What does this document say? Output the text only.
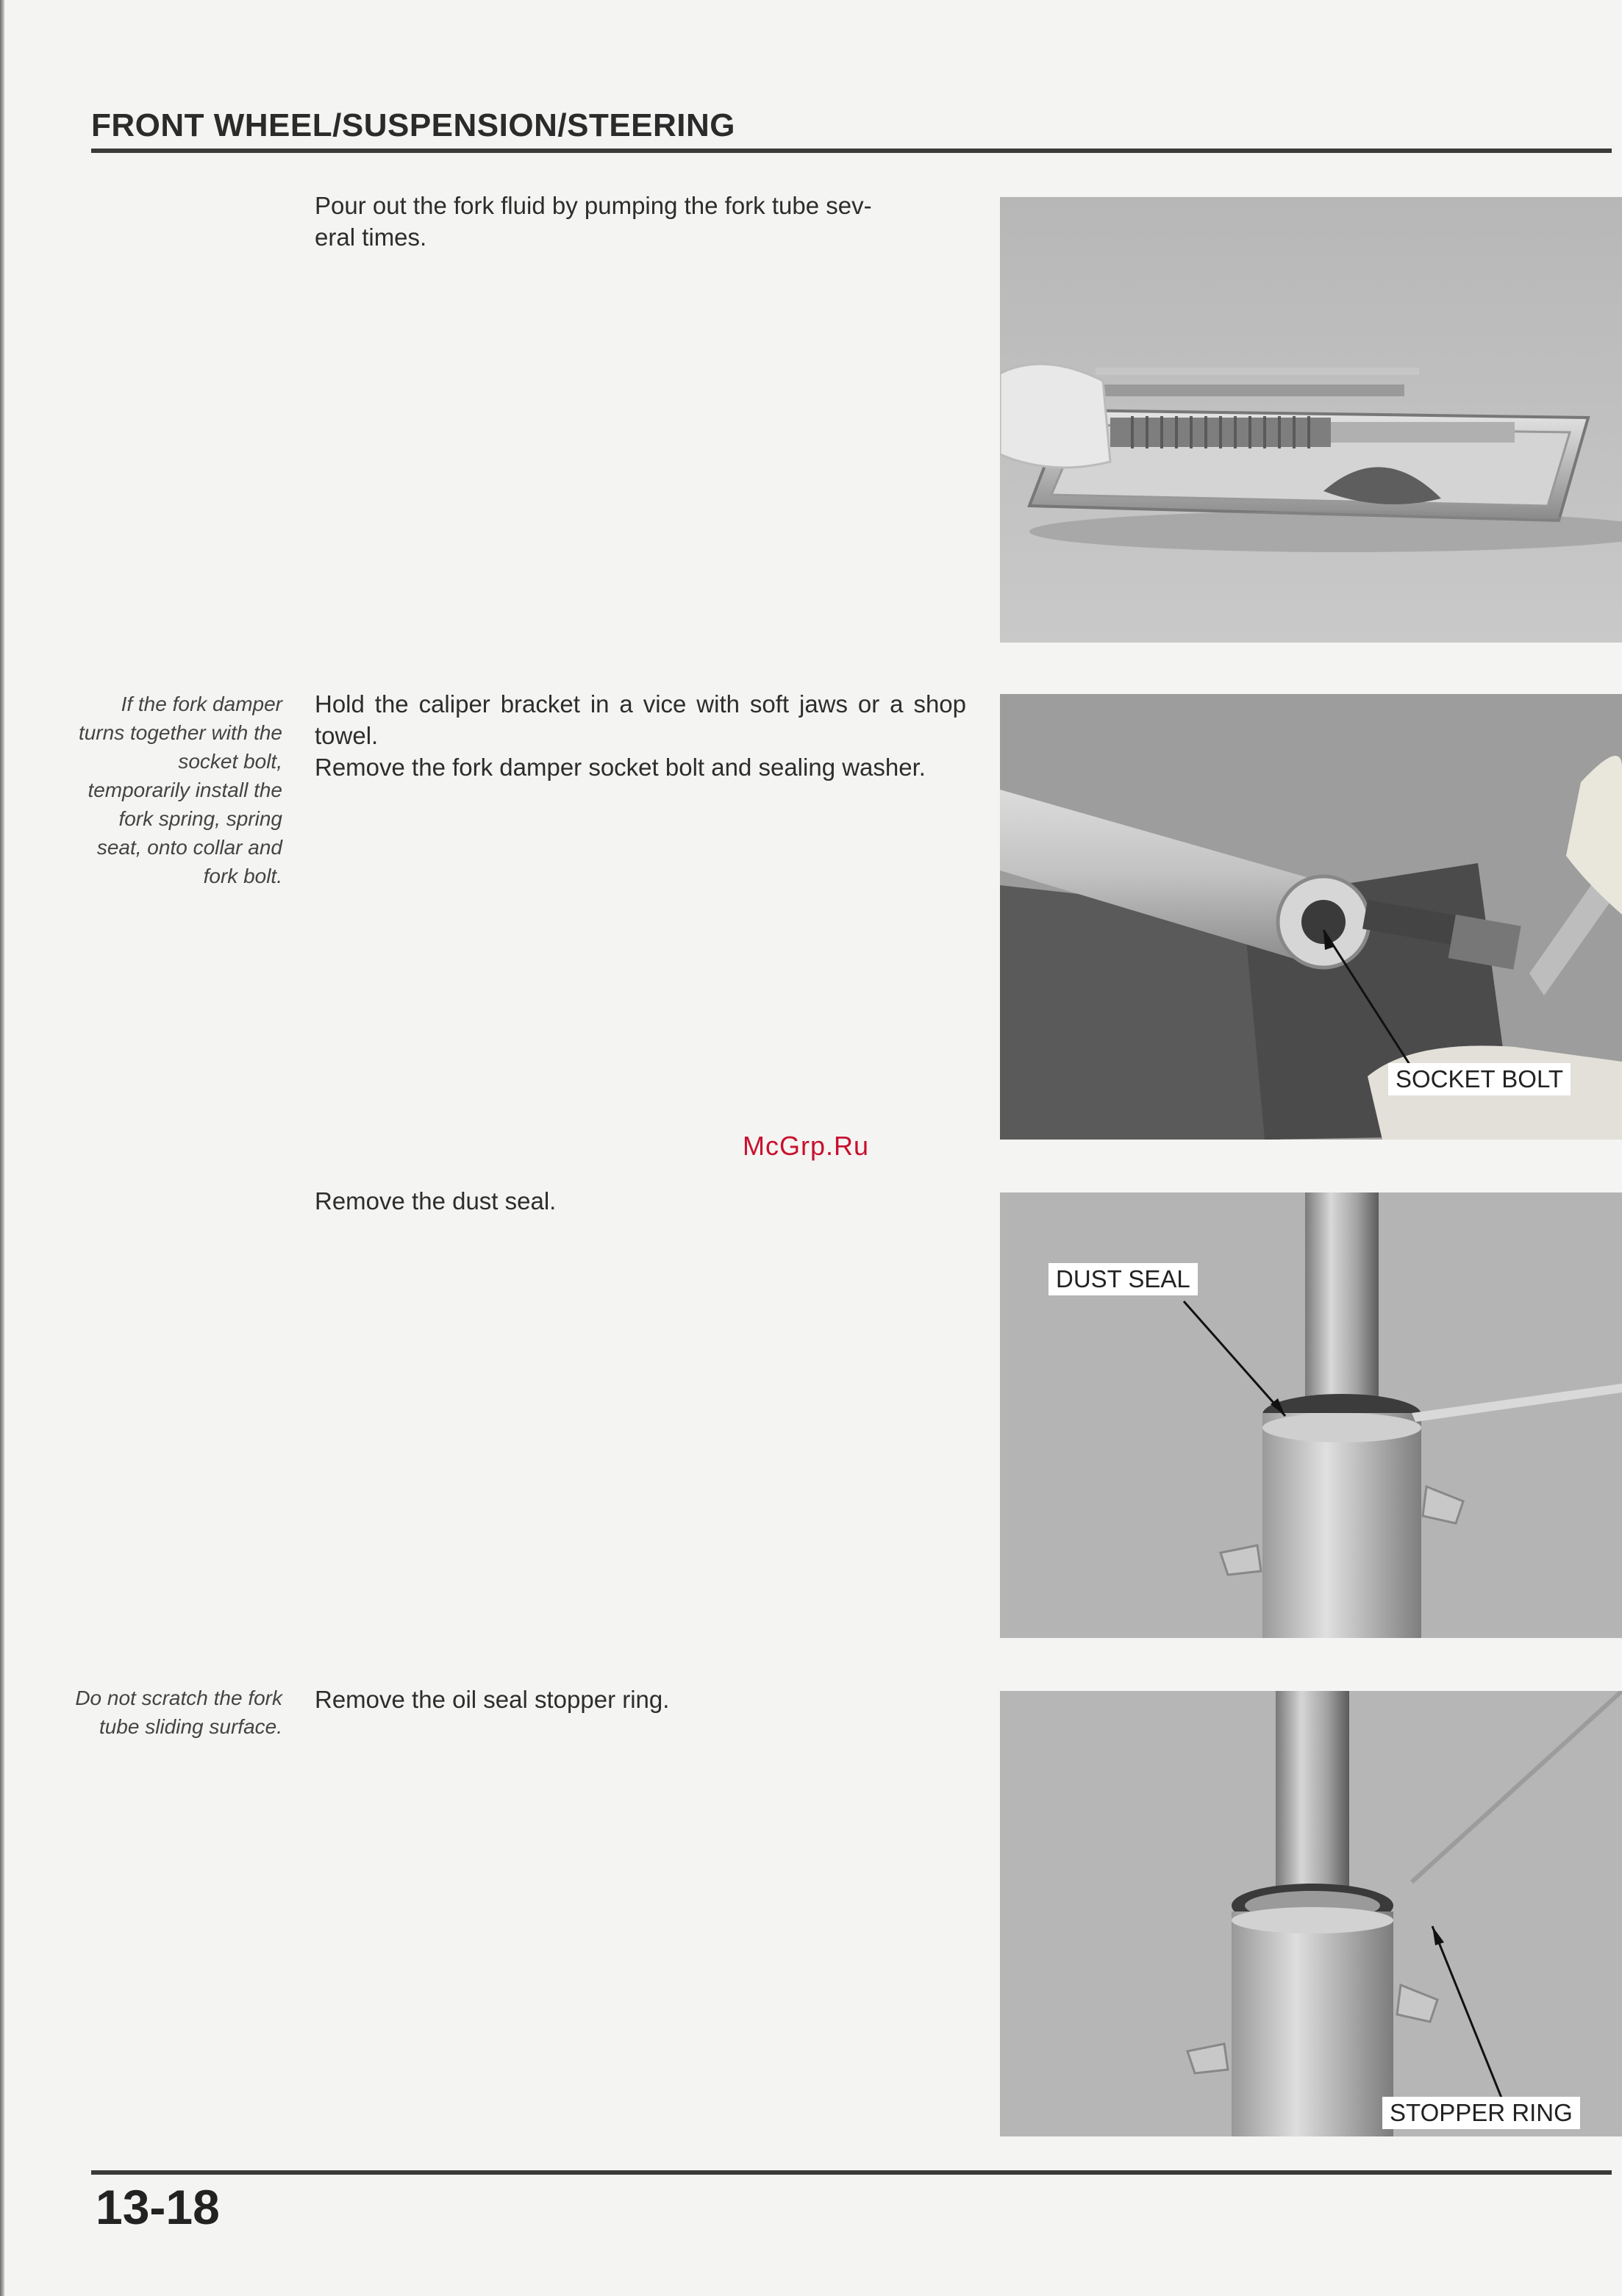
FRONT WHEEL/SUSPENSION/STEERING

Pour out the fork fluid by pumping the fork tube sev-

eral times.

If the fork damper turns together with the socket bolt, temporarily install the fork spring, spring seat, onto collar and fork bolt.

Hold the caliper bracket in a vice with soft jaws or a shop towel.

Remove the fork damper socket bolt and sealing washer.

SOCKET BOLT
McGrp.Ru

Remove the dust seal.

DUST SEAL
Do not scratch the fork tube sliding surface.

Remove the oil seal stopper ring.

STOPPER RING
13-18
